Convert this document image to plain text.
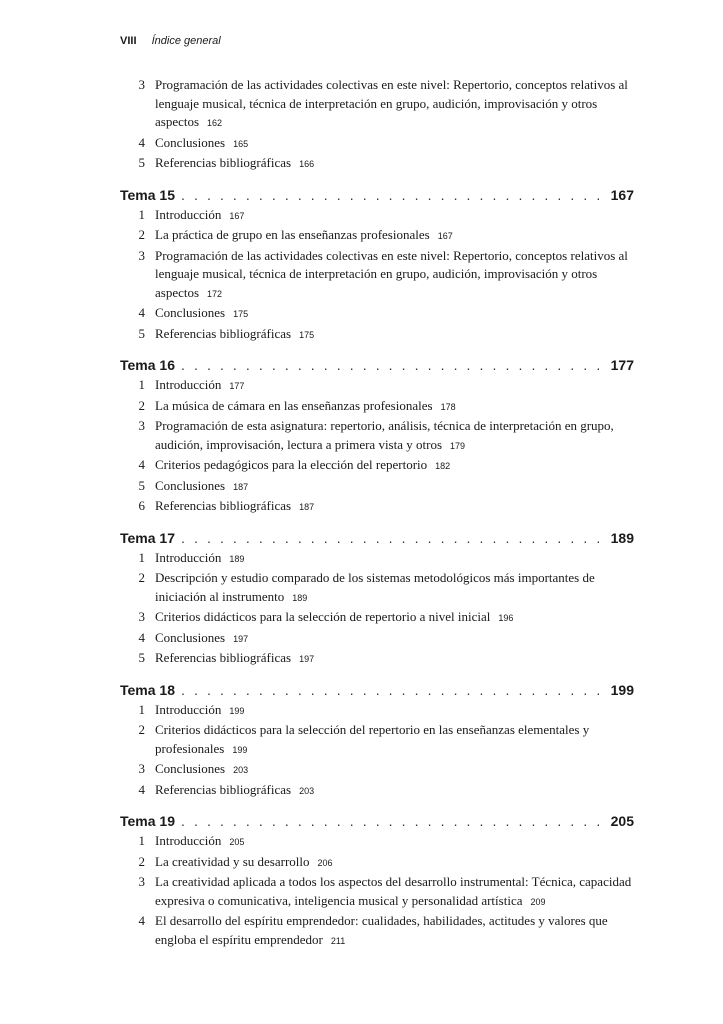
VIII Índice general
3 Programación de las actividades colectivas en este nivel: Repertorio, conceptos relativos al lenguaje musical, técnica de interpretación en grupo, audición, improvisación y otros aspectos 162
4 Conclusiones 165
5 Referencias bibliográficas 166
Tema 15 . . .	167
1 Introducción 167
2 La práctica de grupo en las enseñanzas profesionales 167
3 Programación de las actividades colectivas en este nivel: Repertorio, conceptos relativos al lenguaje musical, técnica de interpretación en grupo, audición, improvisación y otros aspectos 172
4 Conclusiones 175
5 Referencias bibliográficas 175
Tema 16 . . .	177
1 Introducción 177
2 La música de cámara en las enseñanzas profesionales 178
3 Programación de esta asignatura: repertorio, análisis, técnica de interpretación en grupo, audición, improvisación, lectura a primera vista y otros 179
4 Criterios pedagógicos para la elección del repertorio 182
5 Conclusiones 187
6 Referencias bibliográficas 187
Tema 17 . . .	189
1 Introducción 189
2 Descripción y estudio comparado de los sistemas metodológicos más importantes de iniciación al instrumento 189
3 Criterios didácticos para la selección de repertorio a nivel inicial 196
4 Conclusiones 197
5 Referencias bibliográficas 197
Tema 18 . . .	199
1 Introducción 199
2 Criterios didácticos para la selección del repertorio en las enseñanzas elementales y profesionales 199
3 Conclusiones 203
4 Referencias bibliográficas 203
Tema 19 . . .	205
1 Introducción 205
2 La creatividad y su desarrollo 206
3 La creatividad aplicada a todos los aspectos del desarrollo instrumental: Técnica, capacidad expresiva o comunicativa, inteligencia musical y personalidad artística 209
4 El desarrollo del espíritu emprendedor: cualidades, habilidades, actitudes y valores que engloba el espíritu emprendedor 211
